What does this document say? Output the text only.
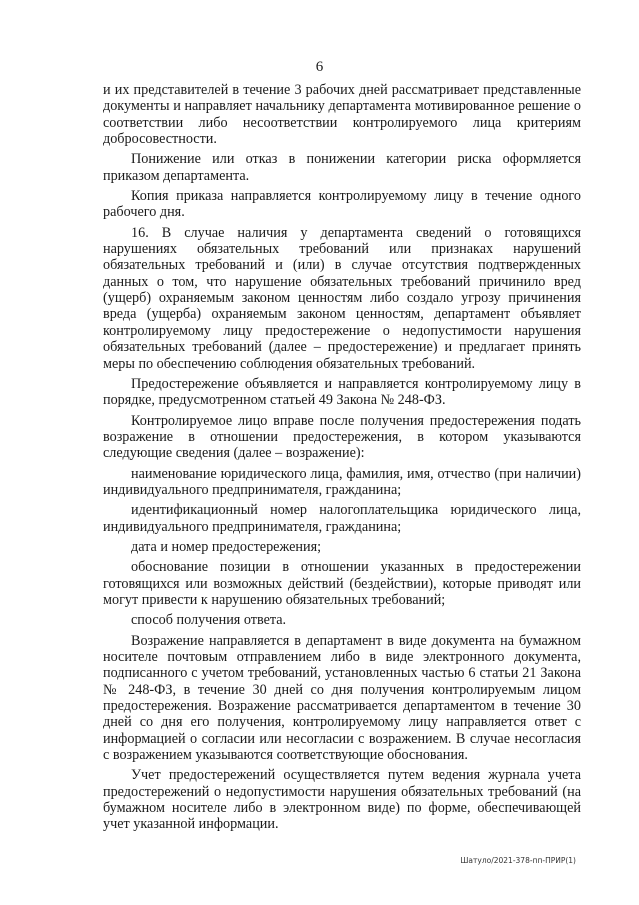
6

и их представителей в течение 3 рабочих дней рассматривает представленные документы и направляет начальнику департамента мотивированное решение о соответствии либо несоответствии контролируемого лица критериям добросовестности.

Понижение или отказ в понижении категории риска оформляется приказом департамента.

Копия приказа направляется контролируемому лицу в течение одного рабочего дня.

16. В случае наличия у департамента сведений о готовящихся нарушениях обязательных требований или признаках нарушений обязательных требований и (или) в случае отсутствия подтвержденных данных о том, что нарушение обязательных требований причинило вред (ущерб) охраняемым законом ценностям либо создало угрозу причинения вреда (ущерба) охраняемым законом ценностям, департамент объявляет контролируемому лицу предостережение о недопустимости нарушения обязательных требований (далее – предостережение) и предлагает принять меры по обеспечению соблюдения обязательных требований.

Предостережение объявляется и направляется контролируемому лицу в порядке, предусмотренном статьей 49 Закона № 248-ФЗ.

Контролируемое лицо вправе после получения предостережения подать возражение в отношении предостережения, в котором указываются следующие сведения (далее – возражение):

наименование юридического лица, фамилия, имя, отчество (при наличии) индивидуального предпринимателя, гражданина;

идентификационный номер налогоплательщика юридического лица, индивидуального предпринимателя, гражданина;

дата и номер предостережения;

обоснование позиции в отношении указанных в предостережении готовящихся или возможных действий (бездействии), которые приводят или могут привести к нарушению обязательных требований;

способ получения ответа.

Возражение направляется в департамент в виде документа на бумажном носителе почтовым отправлением либо в виде электронного документа, подписанного с учетом требований, установленных частью 6 статьи 21 Закона № 248-ФЗ, в течение 30 дней со дня получения контролируемым лицом предостережения. Возражение рассматривается департаментом в течение 30 дней со дня его получения, контролируемому лицу направляется ответ с информацией о согласии или несогласии с возражением. В случае несогласия с возражением указываются соответствующие обоснования.

Учет предостережений осуществляется путем ведения журнала учета предостережений о недопустимости нарушения обязательных требований (на бумажном носителе либо в электронном виде) по форме, обеспечивающей учет указанной информации.

Шатуло/2021-378-пп-ПРИР(1)
